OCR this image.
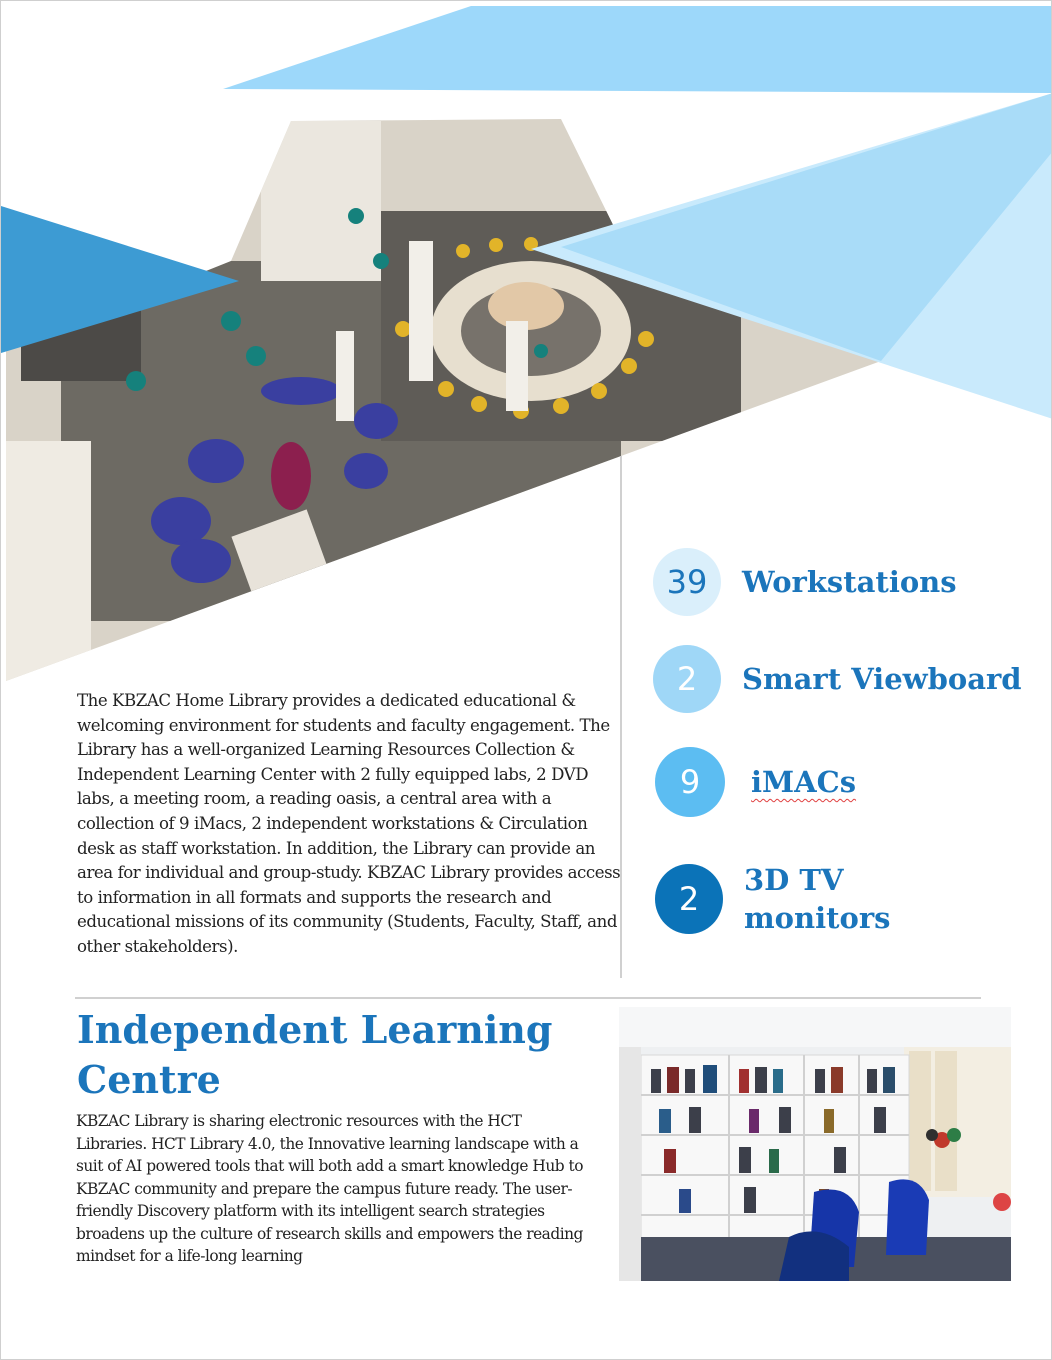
The KBZAC Home Library provides a dedicated educational & welcoming environment for students and faculty engagement. The Library has a well-organized Learning Resources Collection & Independent Learning Center with 2 fully equipped labs, 2 DVD labs, a meeting room, a reading oasis, a central area with a collection of 9 iMacs, 2 independent workstations & Circulation desk as staff workstation. In addition, the Library can provide an area for individual and group-study. KBZAC Library provides access to information in all formats and supports the research and educational missions of its community (Students, Faculty, Staff, and other stakeholders).
39	Workstations
2	Smart Viewboard
9	iMACs
2	3D TV
monitors
Independent Learning
Centre
KBZAC Library is sharing electronic resources with the HCT Libraries. HCT Library 4.0, the Innovative learning landscape with a suit of AI powered tools that will both add a smart knowledge Hub to KBZAC community and prepare the campus future ready. The user-friendly Discovery platform with its intelligent search strategies broadens up the culture of research skills and empowers the reading mindset for a life-long learning
